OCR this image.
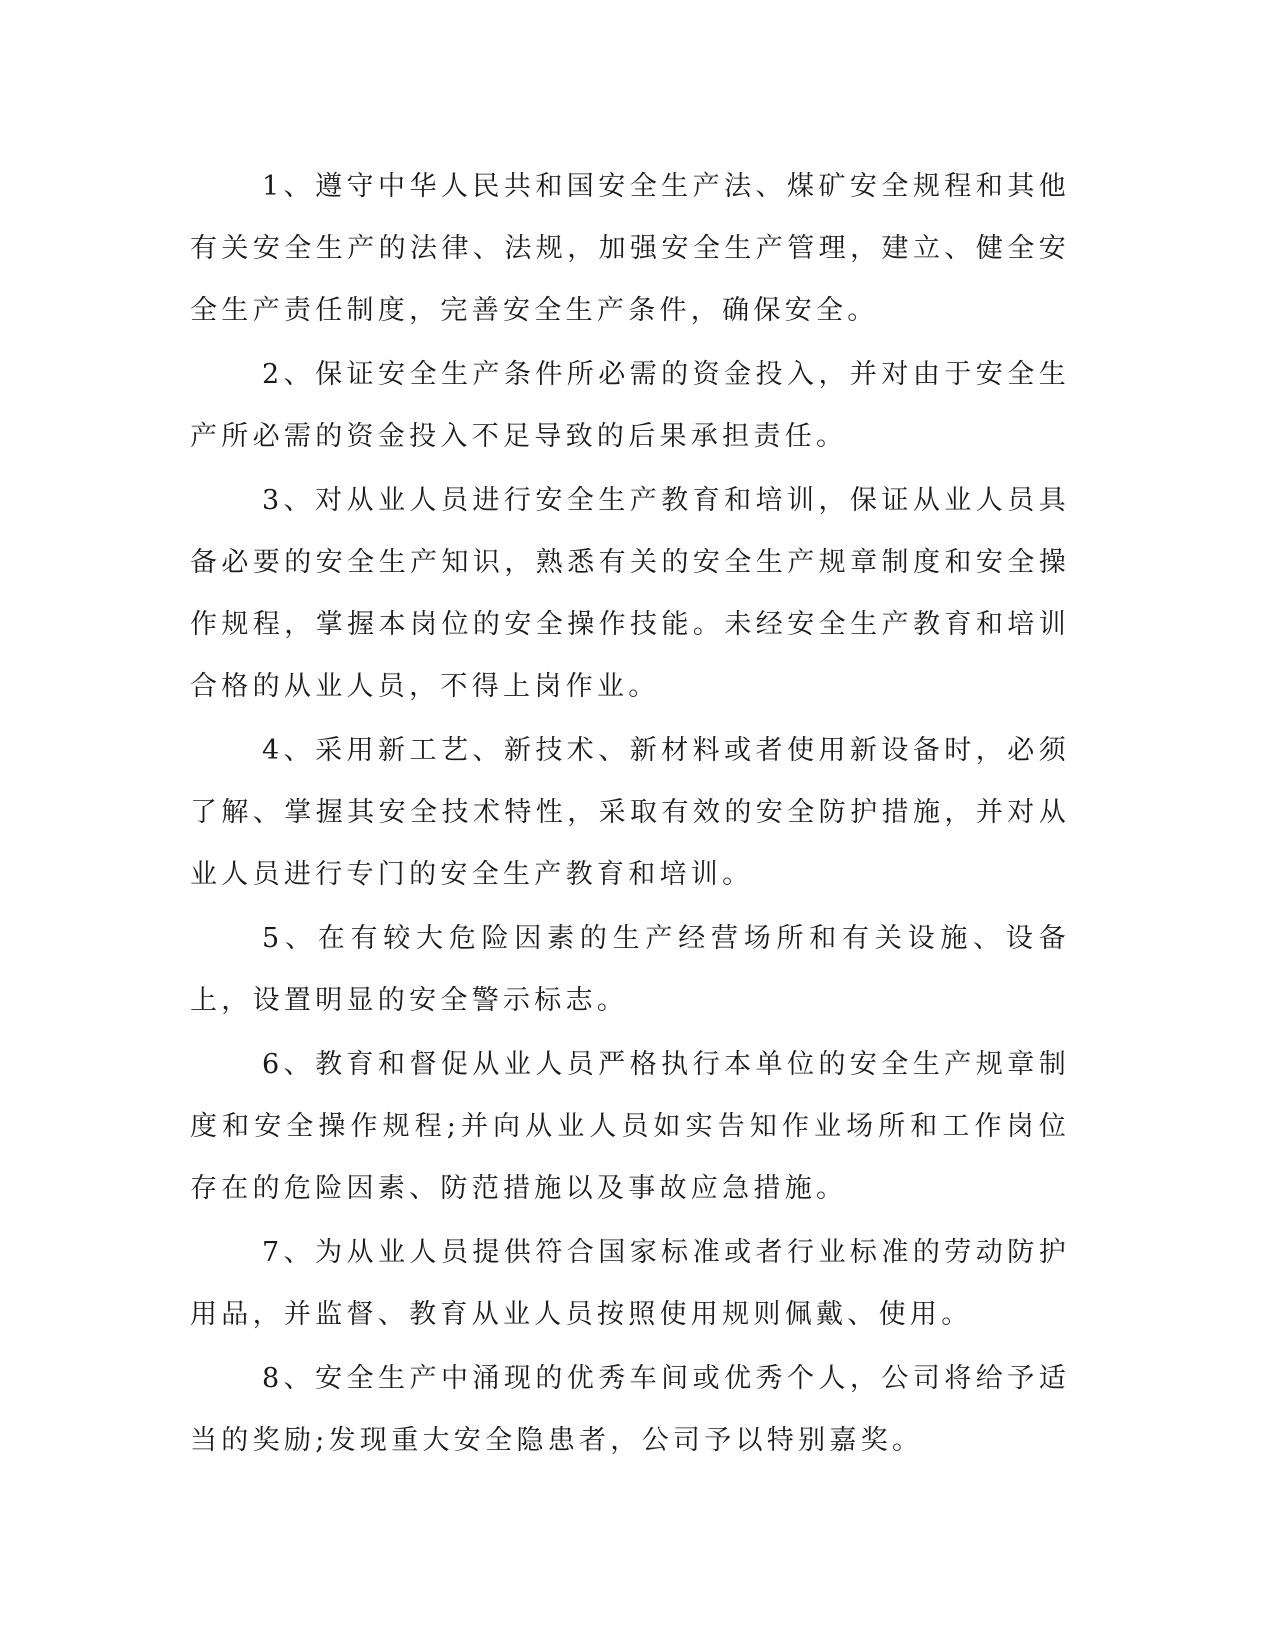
1、遵守中华人民共和国安全生产法、煤矿安全规程和其他有关安全生产的法律、法规，加强安全生产管理，建立、健全安全生产责任制度，完善安全生产条件，确保安全。

2、保证安全生产条件所必需的资金投入，并对由于安全生产所必需的资金投入不足导致的后果承担责任。

3、对从业人员进行安全生产教育和培训，保证从业人员具备必要的安全生产知识，熟悉有关的安全生产规章制度和安全操作规程，掌握本岗位的安全操作技能。未经安全生产教育和培训合格的从业人员，不得上岗作业。

4、采用新工艺、新技术、新材料或者使用新设备时，必须了解、掌握其安全技术特性，采取有效的安全防护措施，并对从业人员进行专门的安全生产教育和培训。

5、在有较大危险因素的生产经营场所和有关设施、设备上，设置明显的安全警示标志。

6、教育和督促从业人员严格执行本单位的安全生产规章制度和安全操作规程;并向从业人员如实告知作业场所和工作岗位存在的危险因素、防范措施以及事故应急措施。

7、为从业人员提供符合国家标准或者行业标准的劳动防护用品，并监督、教育从业人员按照使用规则佩戴、使用。

8、安全生产中涌现的优秀车间或优秀个人，公司将给予适当的奖励;发现重大安全隐患者，公司予以特别嘉奖。
